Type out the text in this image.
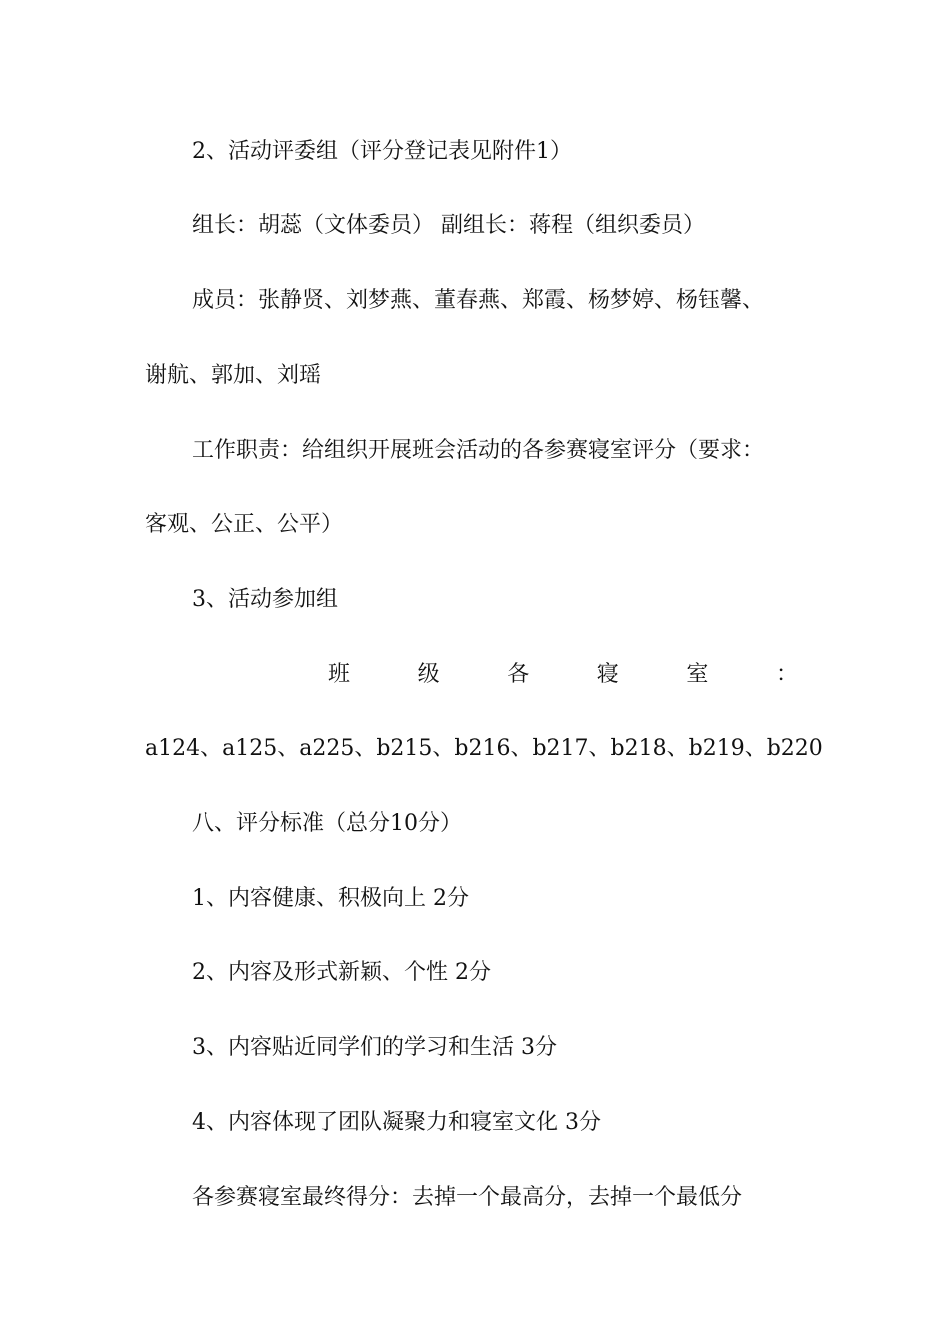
2、活动评委组（评分登记表见附件1）
组长：胡蕊（文体委员） 副组长：蒋程（组织委员）
成员：张静贤、刘梦燕、董春燕、郑霞、杨梦婷、杨钰馨、
谢航、郭加、刘瑶
工作职责：给组织开展班会活动的各参赛寝室评分（要求：
客观、公正、公平）
3、活动参加组
班	级	各	寝	室	：
a124、a125、a225、b215、b216、b217、b218、b219、b220
八、评分标准（总分10分）
1、内容健康、积极向上 2分
2、内容及形式新颖、个性 2分
3、内容贴近同学们的学习和生活 3分
4、内容体现了团队凝聚力和寝室文化 3分
各参赛寝室最终得分：去掉一个最高分，去掉一个最低分
